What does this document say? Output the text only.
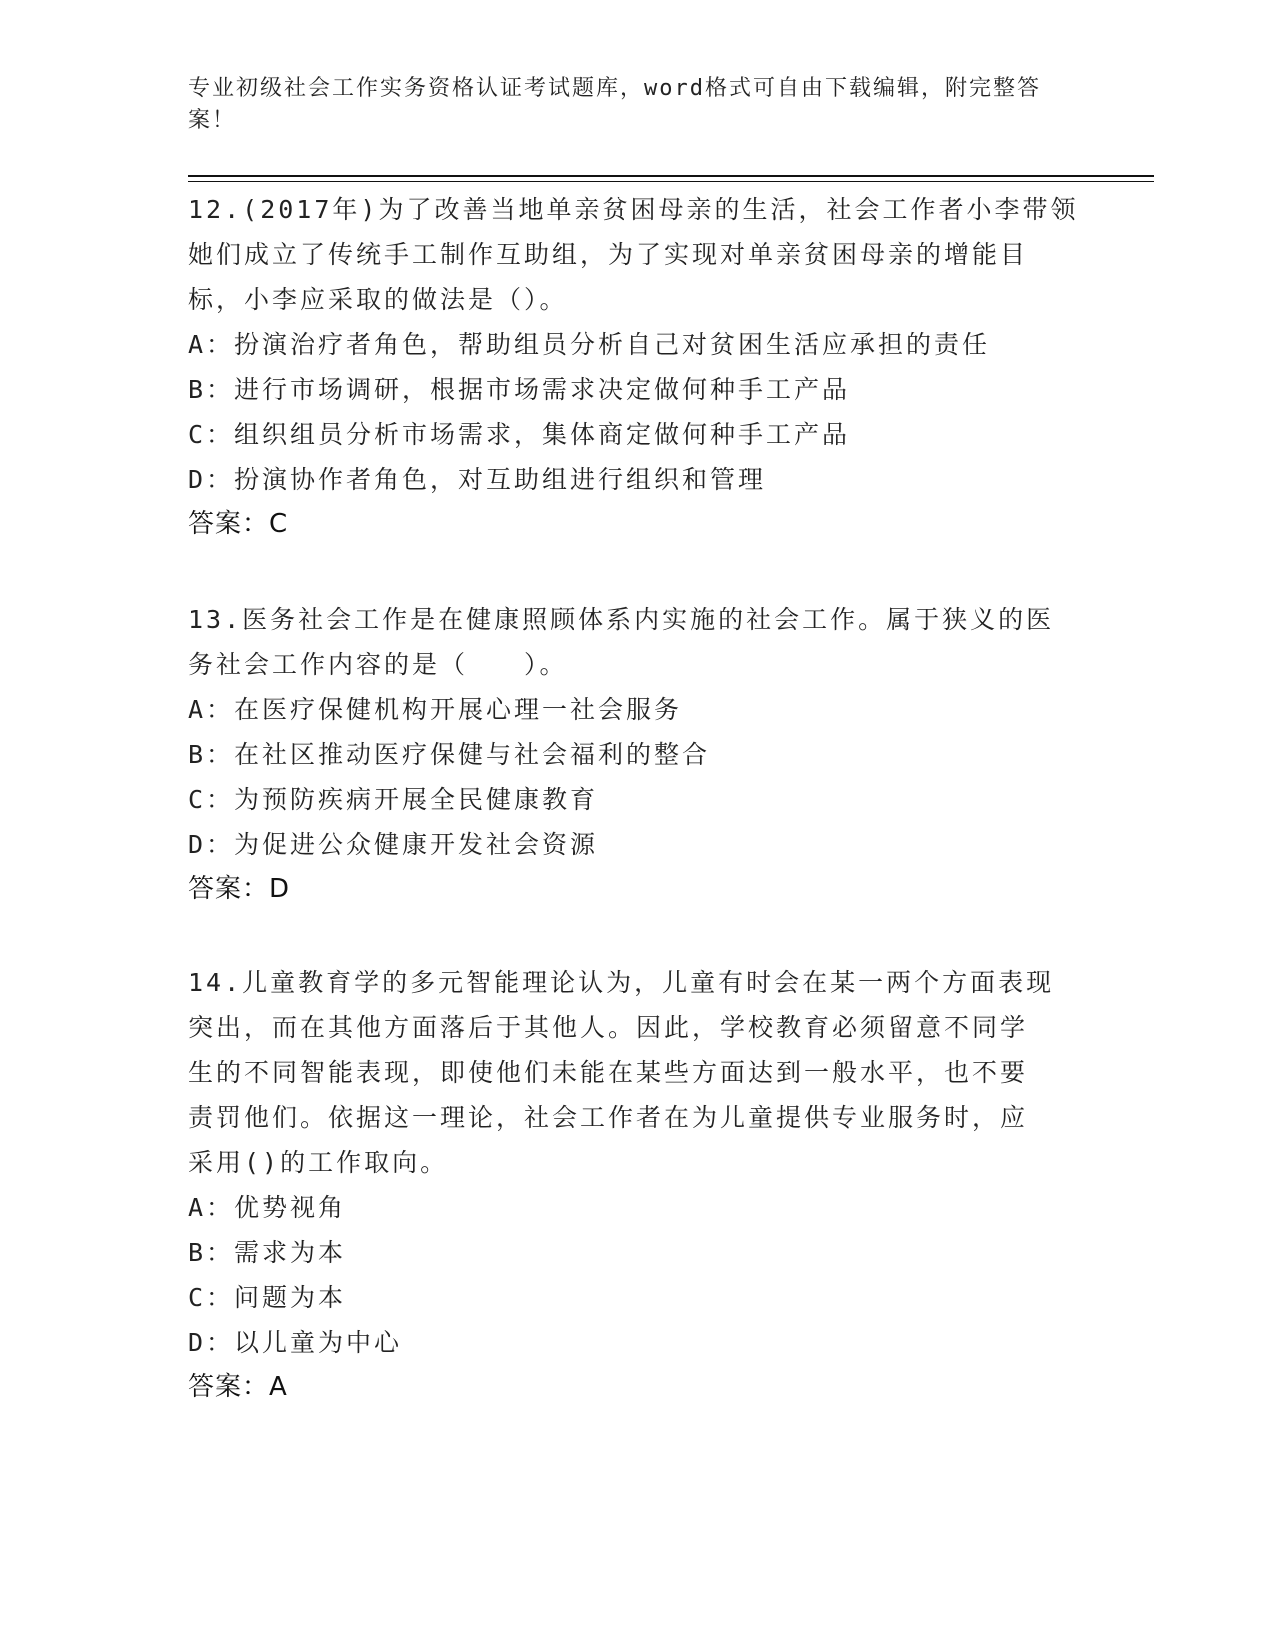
专业初级社会工作实务资格认证考试题库，word格式可自由下载编辑，附完整答
案！

12.(2017年)为了改善当地单亲贫困母亲的生活，社会工作者小李带领

她们成立了传统手工制作互助组，为了实现对单亲贫困母亲的增能目

标，小李应采取的做法是（）。

A：扮演治疗者角色，帮助组员分析自己对贫困生活应承担的责任

B：进行市场调研，根据市场需求决定做何种手工产品

C：组织组员分析市场需求，集体商定做何种手工产品

D：扮演协作者角色，对互助组进行组织和管理

答案：C

13.医务社会工作是在健康照顾体系内实施的社会工作。属于狭义的医

务社会工作内容的是（　　）。

A：在医疗保健机构开展心理一社会服务

B：在社区推动医疗保健与社会福利的整合

C：为预防疾病开展全民健康教育

D：为促进公众健康开发社会资源

答案：D

14.儿童教育学的多元智能理论认为，儿童有时会在某一两个方面表现

突出，而在其他方面落后于其他人。因此，学校教育必须留意不同学

生的不同智能表现，即使他们未能在某些方面达到一般水平，也不要

责罚他们。依据这一理论，社会工作者在为儿童提供专业服务时，应

采用()的工作取向。

A：优势视角

B：需求为本

C：问题为本

D：以儿童为中心

答案：A
